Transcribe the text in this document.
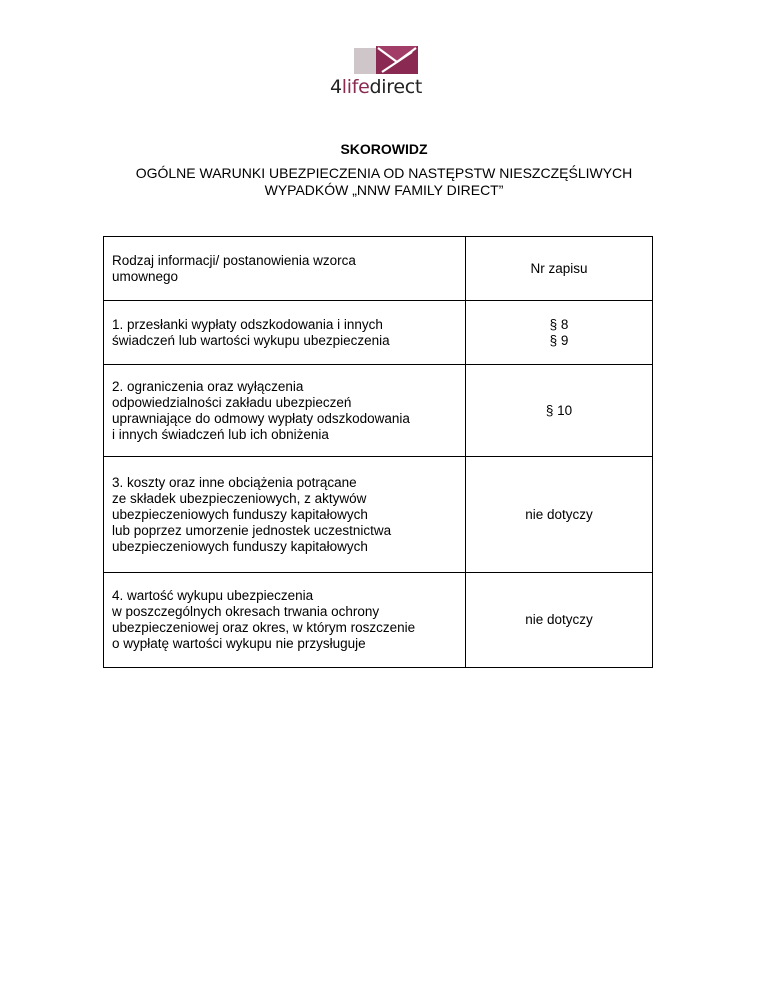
4lifedirect
SKOROWIDZ
OGÓLNE WARUNKI UBEZPIECZENIA OD NASTĘPSTW NIESZCZĘŚLIWYCH
WYPADKÓW „NNW FAMILY DIRECT”
Rodzaj informacji/ postanowienia wzorca
umownego	Nr zapisu

1. przesłanki wypłaty odszkodowania i innych
świadczeń lub wartości wykupu ubezpieczenia	§ 8
§ 9

2. ograniczenia oraz wyłączenia
odpowiedzialności zakładu ubezpieczeń
uprawniające do odmowy wypłaty odszkodowania
i innych świadczeń lub ich obniżenia	§ 10

3. koszty oraz inne obciążenia potrącane
ze składek ubezpieczeniowych, z aktywów
ubezpieczeniowych funduszy kapitałowych
lub poprzez umorzenie jednostek uczestnictwa
ubezpieczeniowych funduszy kapitałowych	nie dotyczy

4. wartość wykupu ubezpieczenia
w poszczególnych okresach trwania ochrony
ubezpieczeniowej oraz okres, w którym roszczenie
o wypłatę wartości wykupu nie przysługuje	nie dotyczy
